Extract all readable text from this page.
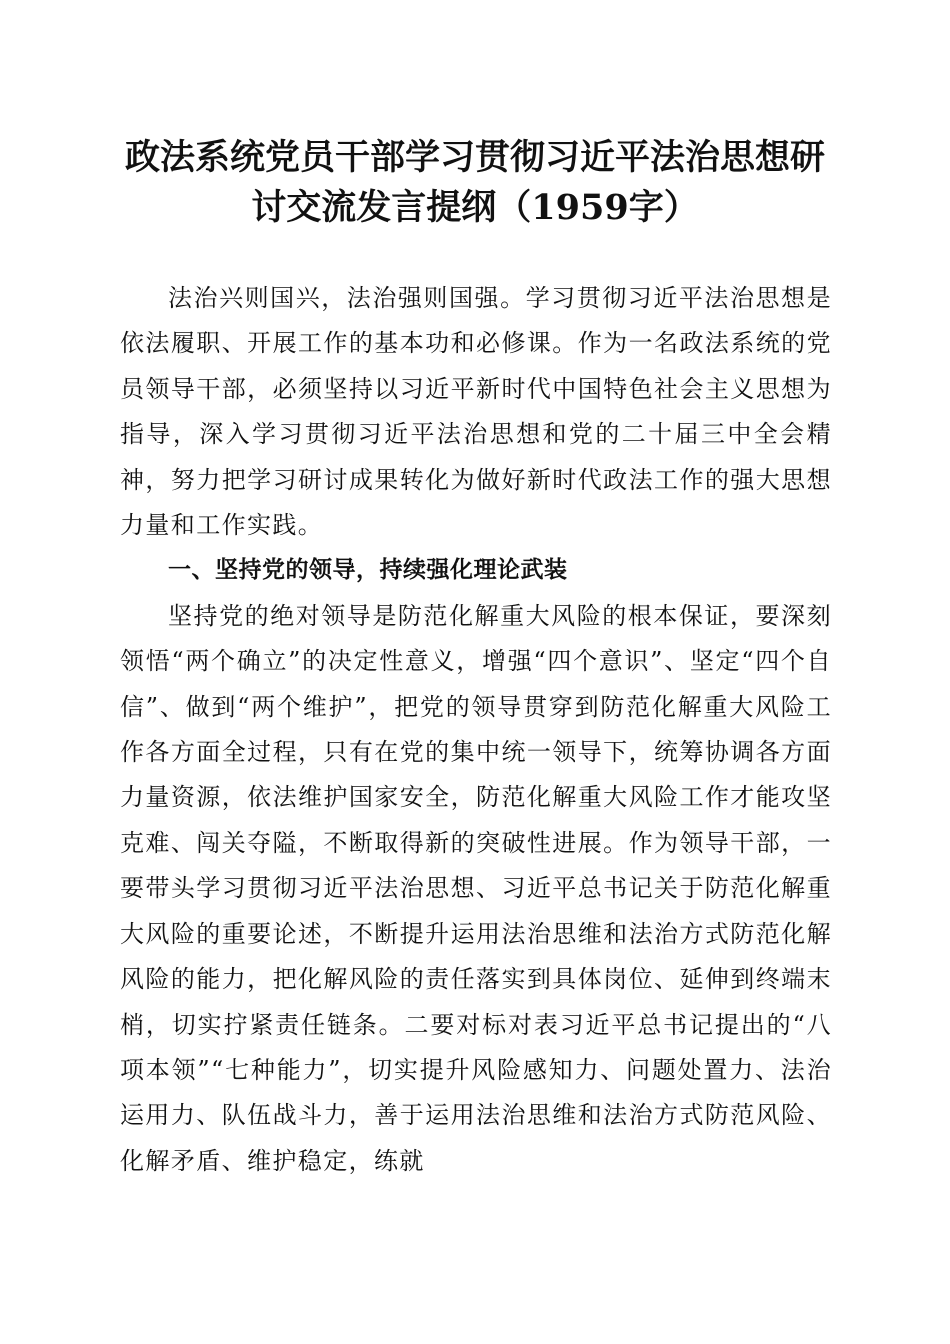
政法系统党员干部学习贯彻习近平法治思想研
讨交流发言提纲（1959字）

法治兴则国兴，法治强则国强。学习贯彻习近平法治思想是依法履职、开展工作的基本功和必修课。作为一名政法系统的党员领导干部，必须坚持以习近平新时代中国特色社会主义思想为指导，深入学习贯彻习近平法治思想和党的二十届三中全会精神，努力把学习研讨成果转化为做好新时代政法工作的强大思想力量和工作实践。

一、坚持党的领导，持续强化理论武装

坚持党的绝对领导是防范化解重大风险的根本保证，要深刻领悟“两个确立”的决定性意义，增强“四个意识”、坚定“四个自信”、做到“两个维护”，把党的领导贯穿到防范化解重大风险工作各方面全过程，只有在党的集中统一领导下，统筹协调各方面力量资源，依法维护国家安全，防范化解重大风险工作才能攻坚克难、闯关夺隘，不断取得新的突破性进展。作为领导干部，一要带头学习贯彻习近平法治思想、习近平总书记关于防范化解重大风险的重要论述，不断提升运用法治思维和法治方式防范化解风险的能力，把化解风险的责任落实到具体岗位、延伸到终端末梢，切实拧紧责任链条。二要对标对表习近平总书记提出的“八项本领”“七种能力”，切实提升风险感知力、问题处置力、法治运用力、队伍战斗力，善于运用法治思维和法治方式防范风险、化解矛盾、维护稳定，练就
